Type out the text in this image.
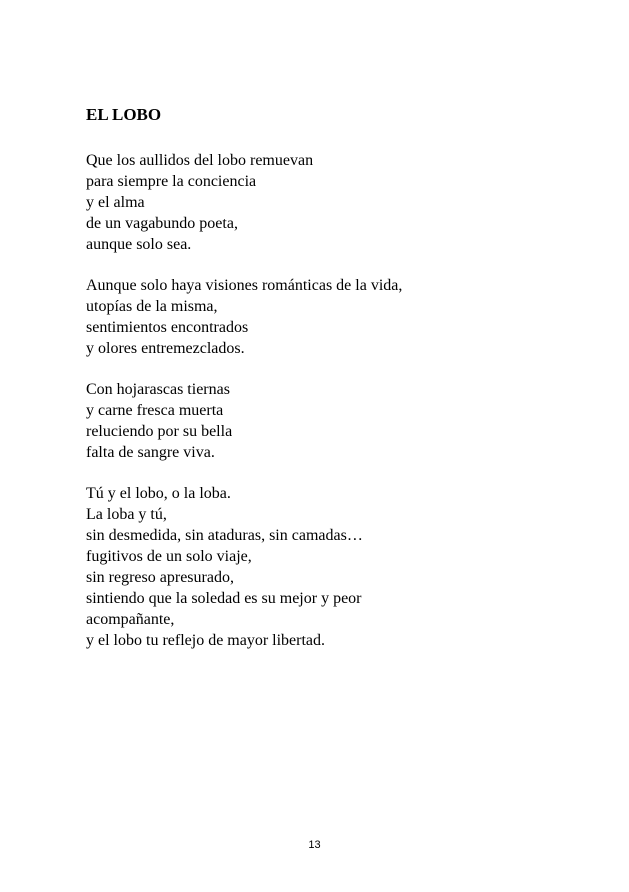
EL LOBO
Que los aullidos del lobo remuevan
para siempre la conciencia
y el alma
de un vagabundo poeta,
aunque solo sea.
Aunque solo haya visiones románticas de la vida,
utopías de la misma,
sentimientos encontrados
y olores entremezclados.
Con hojarascas tiernas
y carne fresca muerta
reluciendo por su bella
falta de sangre viva.
Tú y el lobo, o la loba.
La loba y tú,
sin desmedida, sin ataduras, sin camadas…
fugitivos de un solo viaje,
sin regreso apresurado,
sintiendo que la soledad es su mejor y peor
acompañante,
y el lobo tu reflejo de mayor libertad.
13
